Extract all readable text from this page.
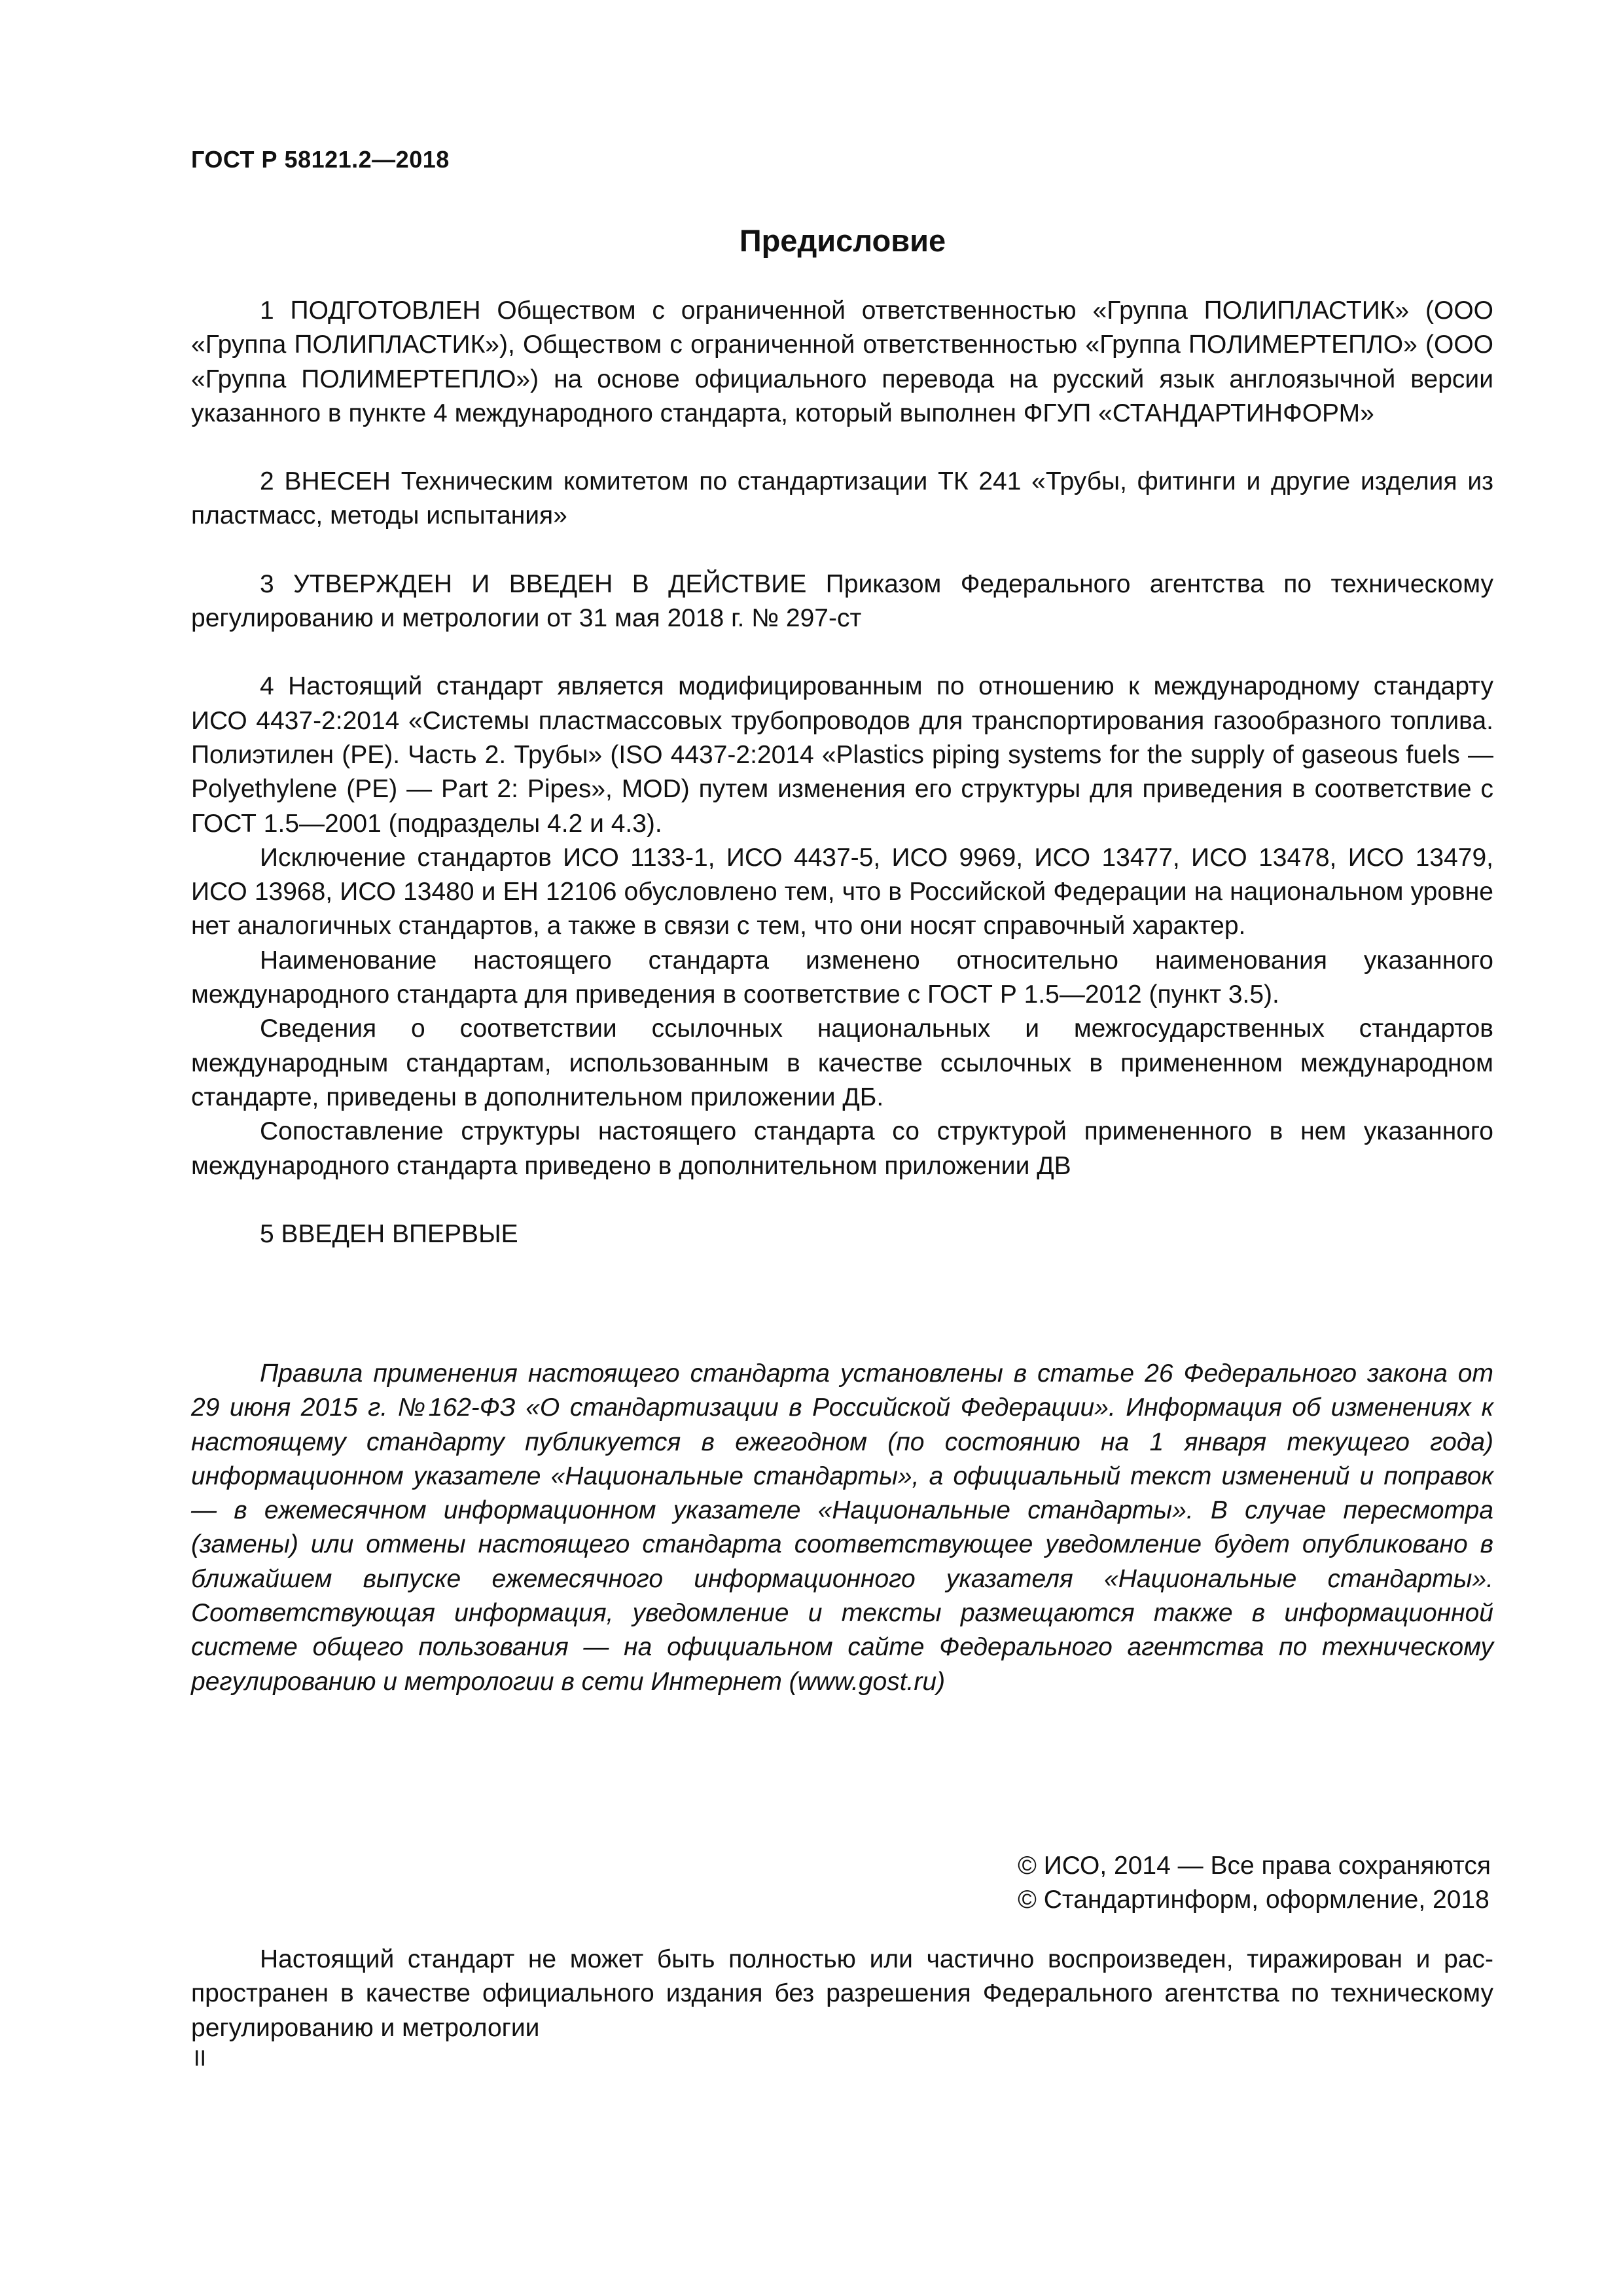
ГОСТ Р 58121.2—2018
Предисловие

1 ПОДГОТОВЛЕН Обществом с ограниченной ответственностью «Группа ПОЛИПЛАСТИК» (ООО «Группа ПОЛИПЛАСТИК»), Обществом с ограниченной ответственностью «Группа ПОЛИМЕРТЕПЛО» (ООО «Группа ПОЛИМЕРТЕПЛО») на основе официального перевода на русский язык англоязычной версии указанного в пункте 4 международного стандарта, который выполнен ФГУП «СТАНДАРТИНФОРМ»

2 ВНЕСЕН Техническим комитетом по стандартизации ТК 241 «Трубы, фитинги и другие изделия из пластмасс, методы испытания»

3 УТВЕРЖДЕН И ВВЕДЕН В ДЕЙСТВИЕ Приказом Федерального агентства по техническому регулированию и метрологии от 31 мая 2018 г. № 297-ст

4 Настоящий стандарт является модифицированным по отношению к международному стандарту ИСО 4437-2:2014 «Системы пластмассовых трубопроводов для транспортирования газообразного топлива. Полиэтилен (PE). Часть 2. Трубы» (ISO 4437-2:2014 «Plastics piping systems for the supply of gaseous fuels — Polyethylene (PE) — Part 2: Pipes», MOD) путем изменения его структуры для приведения в соответствие с ГОСТ 1.5—2001 (подразделы 4.2 и 4.3).

Исключение стандартов ИСО 1133-1, ИСО 4437-5, ИСО 9969, ИСО 13477, ИСО 13478, ИСО 13479, ИСО 13968, ИСО 13480 и ЕН 12106 обусловлено тем, что в Российской Федерации на национальном уровне нет аналогичных стандартов, а также в связи с тем, что они носят справочный характер.

Наименование настоящего стандарта изменено относительно наименования указанного международного стандарта для приведения в соответствие с ГОСТ Р 1.5—2012 (пункт 3.5).

Сведения о соответствии ссылочных национальных и межгосударственных стандартов международным стандартам, использованным в качестве ссылочных в примененном международном стандарте, приведены в дополнительном приложении ДБ.

Сопоставление структуры настоящего стандарта со структурой примененного в нем указанного международного стандарта приведено в дополнительном приложении ДВ

5 ВВЕДЕН ВПЕРВЫЕ

Правила применения настоящего стандарта установлены в статье 26 Федерального закона от 29 июня 2015 г. №162-ФЗ «О стандартизации в Российской Федерации». Информация об изменениях к настоящему стандарту публикуется в ежегодном (по состоянию на 1 января текущего года) информационном указателе «Национальные стандарты», а официальный текст изменений и поправок — в ежемесячном информационном указателе «Национальные стандарты». В случае пересмотра (замены) или отмены настоящего стандарта соответствующее уведомление будет опубликовано в ближайшем выпуске ежемесячного информационного указателя «Национальные стандарты». Соответствующая информация, уведомление и тексты размещаются также в информационной системе общего пользования — на официальном сайте Федерального агентства по техническому регулированию и метрологии в сети Интернет (www.gost.ru)
© ИСО, 2014 — Все права сохраняются
© Стандартинформ, оформление, 2018
Настоящий стандарт не может быть полностью или частично воспроизведен, тиражирован и распространен в качестве официального издания без разрешения Федерального агентства по техническому регулированию и метрологии
II
